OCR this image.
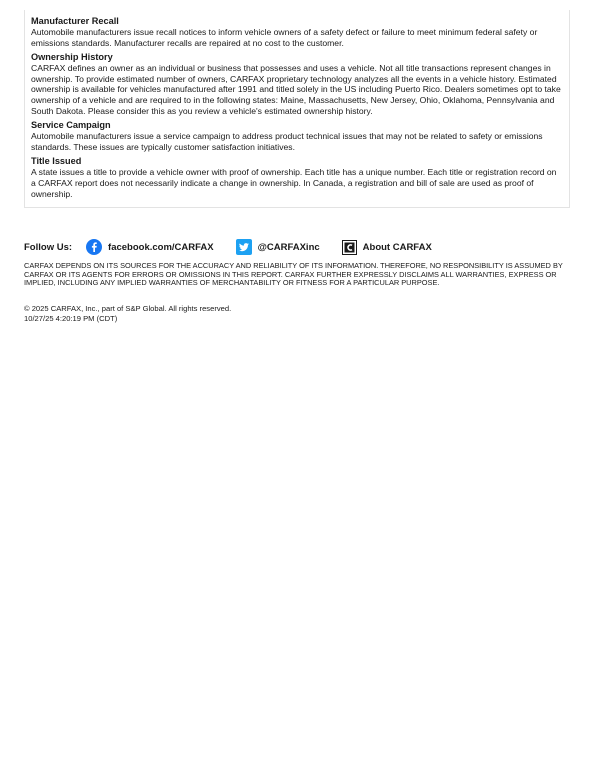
Manufacturer Recall

Automobile manufacturers issue recall notices to inform vehicle owners of a safety defect or failure to meet minimum federal safety or emissions standards. Manufacturer recalls are repaired at no cost to the customer.

Ownership History

CARFAX defines an owner as an individual or business that possesses and uses a vehicle. Not all title transactions represent changes in ownership. To provide estimated number of owners, CARFAX proprietary technology analyzes all the events in a vehicle history. Estimated ownership is available for vehicles manufactured after 1991 and titled solely in the US including Puerto Rico. Dealers sometimes opt to take ownership of a vehicle and are required to in the following states: Maine, Massachusetts, New Jersey, Ohio, Oklahoma, Pennsylvania and South Dakota. Please consider this as you review a vehicle's estimated ownership history.

Service Campaign

Automobile manufacturers issue a service campaign to address product technical issues that may not be related to safety or emissions standards. These issues are typically customer satisfaction initiatives.

Title Issued

A state issues a title to provide a vehicle owner with proof of ownership. Each title has a unique number. Each title or registration record on a CARFAX report does not necessarily indicate a change in ownership. In Canada, a registration and bill of sale are used as proof of ownership.

Follow Us:	facebook.com/CARFAX	@CARFAXinc	About CARFAX
CARFAX DEPENDS ON ITS SOURCES FOR THE ACCURACY AND RELIABILITY OF ITS INFORMATION. THEREFORE, NO RESPONSIBILITY IS ASSUMED BY CARFAX OR ITS AGENTS FOR ERRORS OR OMISSIONS IN THIS REPORT. CARFAX FURTHER EXPRESSLY DISCLAIMS ALL WARRANTIES, EXPRESS OR IMPLIED, INCLUDING ANY IMPLIED WARRANTIES OF MERCHANTABILITY OR FITNESS FOR A PARTICULAR PURPOSE.
© 2025 CARFAX, Inc., part of S&P Global. All rights reserved.
10/27/25 4:20:19 PM (CDT)
